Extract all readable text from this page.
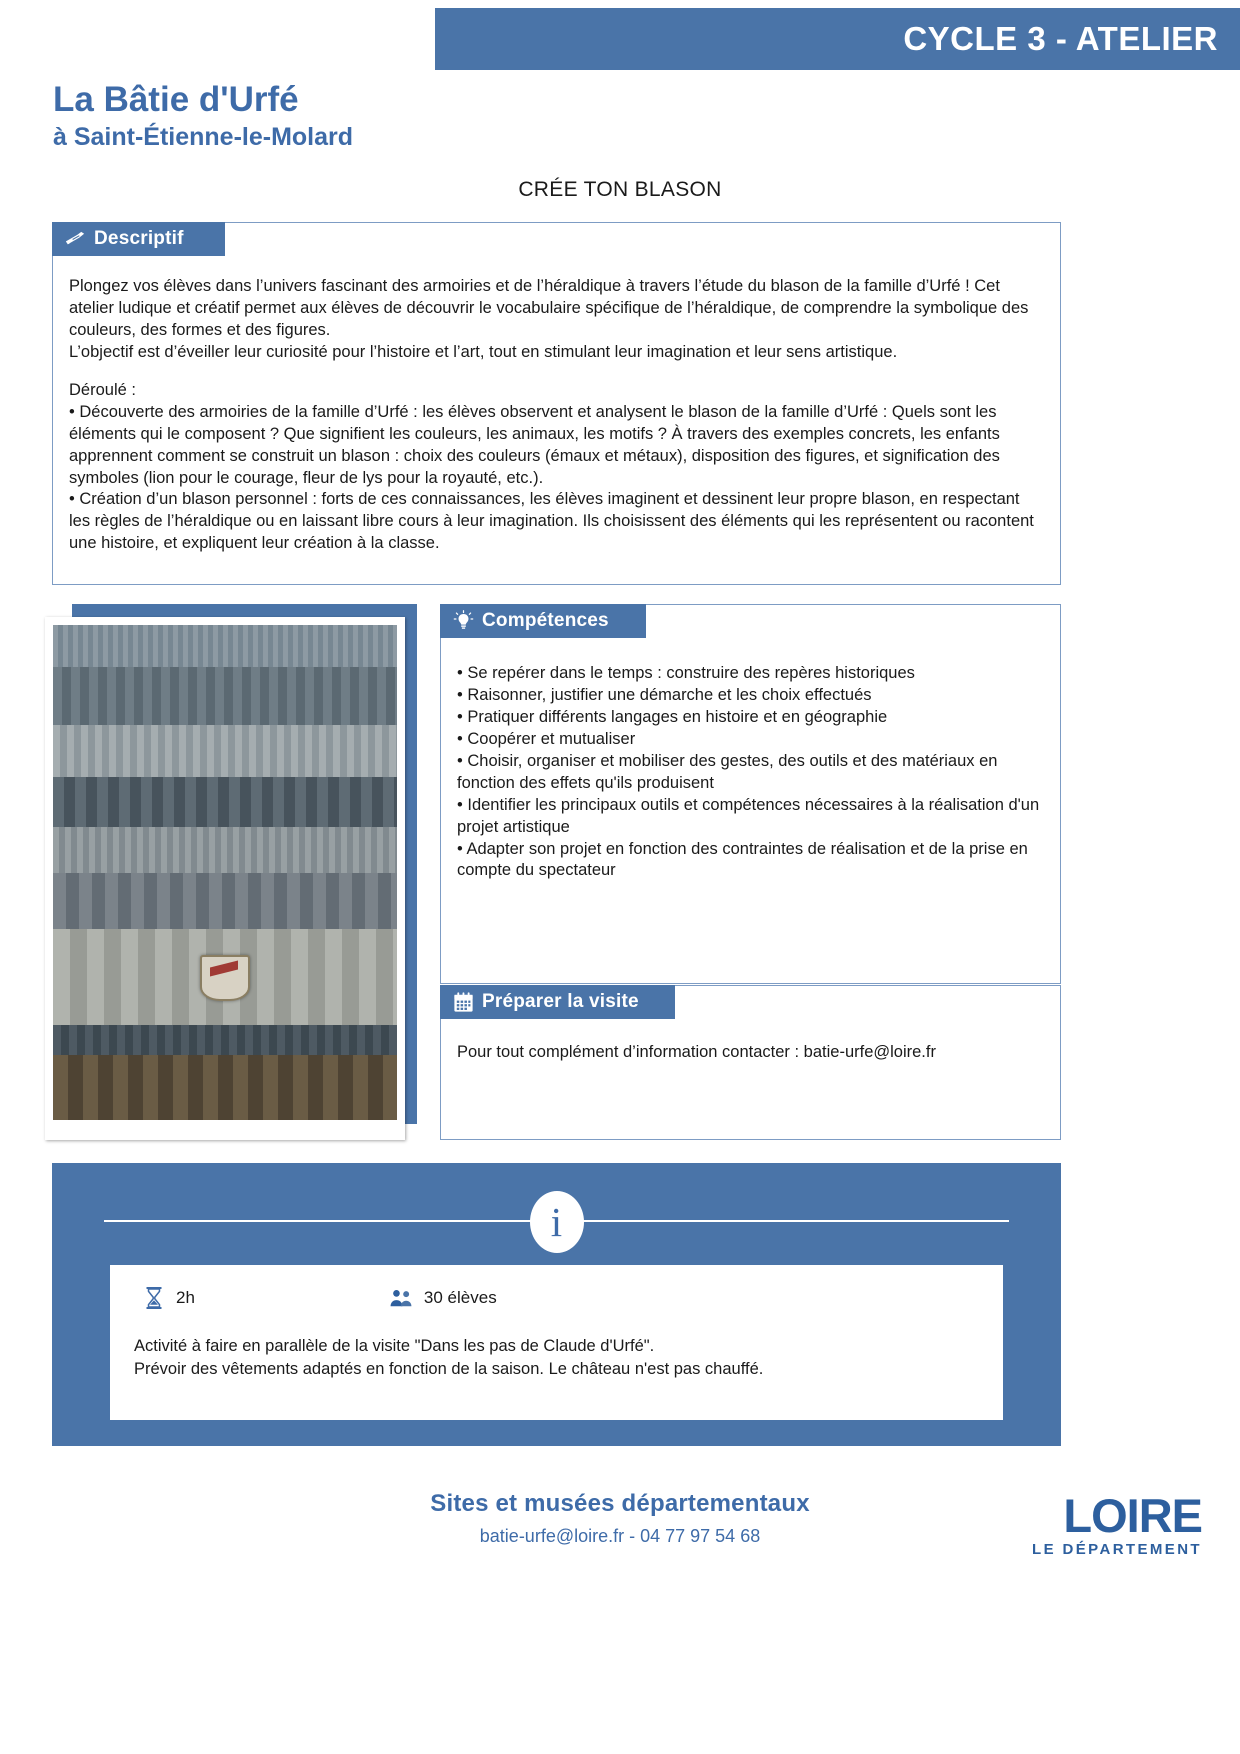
CYCLE 3 - ATELIER
La Bâtie d'Urfé
à Saint-Étienne-le-Molard
CRÉE TON BLASON
Descriptif

Plongez vos élèves dans l’univers fascinant des armoiries et de l’héraldique à travers l’étude du blason de la famille d’Urfé ! Cet atelier ludique et créatif permet aux élèves de découvrir le vocabulaire spécifique de l’héraldique, de comprendre la symbolique des couleurs, des formes et des figures.

L’objectif est d’éveiller leur curiosité pour l’histoire et l’art, tout en stimulant leur imagination et leur sens artistique.

Déroulé :

• Découverte des armoiries de la famille d’Urfé : les élèves observent et analysent le blason de la famille d’Urfé : Quels sont les éléments qui le composent ? Que signifient les couleurs, les animaux, les motifs ? À travers des exemples concrets, les enfants apprennent comment se construit un blason : choix des couleurs (émaux et métaux), disposition des figures, et signification des symboles (lion pour le courage, fleur de lys pour la royauté, etc.).

• Création d’un blason personnel : forts de ces connaissances, les élèves imaginent et dessinent leur propre blason, en respectant les règles de l’héraldique ou en laissant libre cours à leur imagination. Ils choisissent des éléments qui les représentent ou racontent une histoire, et expliquent leur création à la classe.

Compétences
• Se repérer dans le temps : construire des repères historiques
• Raisonner, justifier une démarche et les choix effectués
• Pratiquer différents langages en histoire et en géographie
• Coopérer et mutualiser
• Choisir, organiser et mobiliser des gestes, des outils et des matériaux en fonction des effets qu'ils produisent
• Identifier les principaux outils et compétences nécessaires à la réalisation d'un projet artistique
• Adapter son projet en fonction des contraintes de réalisation et de la prise en compte du spectateur
Préparer la visite

Pour tout complément d’information contacter : batie-urfe@loire.fr

i
2h	30 élèves
Activité à faire en parallèle de la visite "Dans les pas de Claude d'Urfé".
Prévoir des vêtements adaptés en fonction de la saison. Le château n'est pas chauffé.
Sites et musées départementaux
batie-urfe@loire.fr - 04 77 97 54 68	LOIRE
LE DÉPARTEMENT
